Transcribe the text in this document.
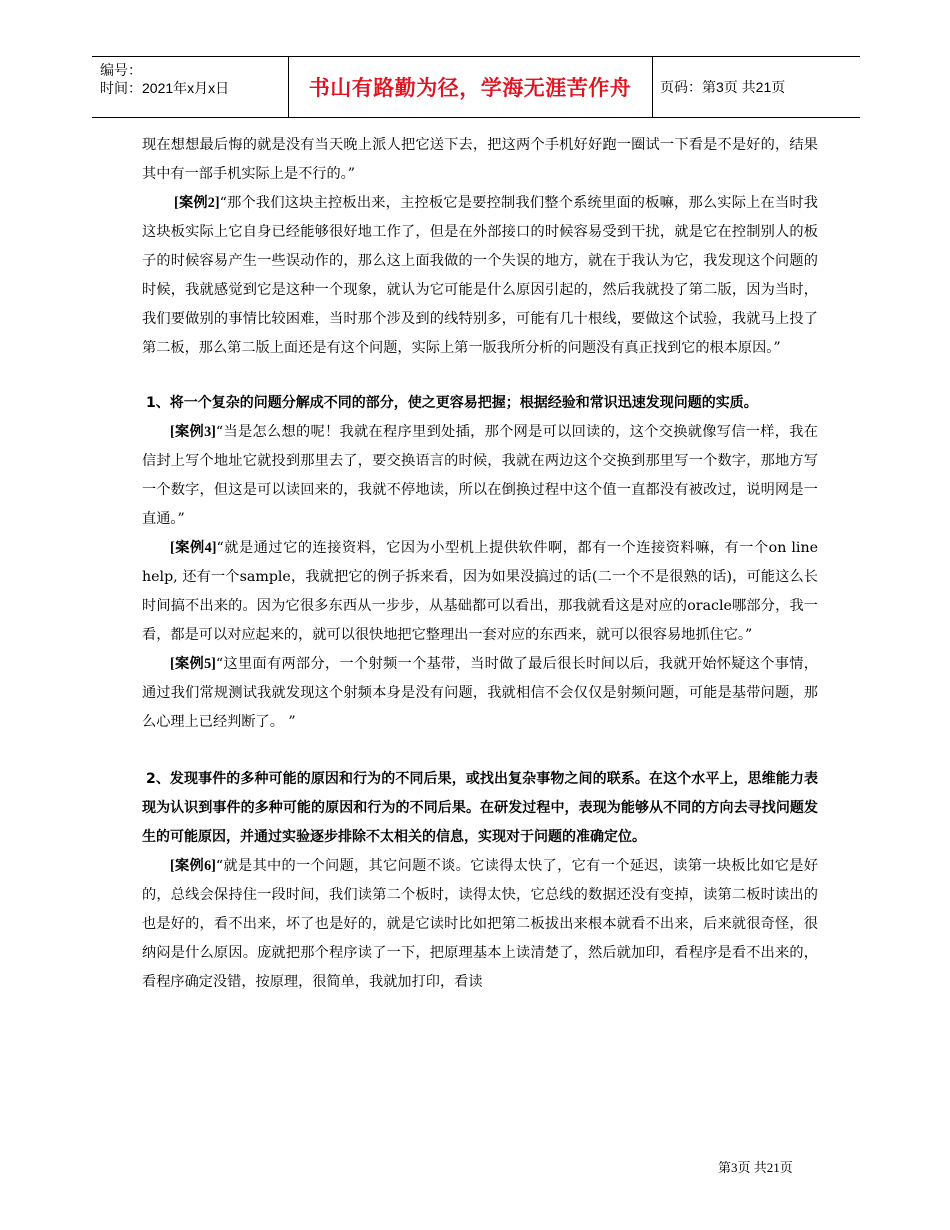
编号：
时间：2021年x月x日	书山有路勤为径，学海无涯苦作舟	页码：第3页 共21页

现在想想最后悔的就是没有当天晚上派人把它送下去，把这两个手机好好跑一圈试一下看是不是好的，结果其中有一部手机实际上是不行的。”

[案例2]“那个我们这块主控板出来，主控板它是要控制我们整个系统里面的板嘛，那么实际上在当时我这块板实际上它自身已经能够很好地工作了，但是在外部接口的时候容易受到干扰，就是它在控制别人的板子的时候容易产生一些误动作的，那么这上面我做的一个失误的地方，就在于我认为它，我发现这个问题的时候，我就感觉到它是这种一个现象，就认为它可能是什么原因引起的，然后我就投了第二版，因为当时，我们要做别的事情比较困难，当时那个涉及到的线特别多，可能有几十根线，要做这个试验，我就马上投了第二板，那么第二版上面还是有这个问题，实际上第一版我所分析的问题没有真正找到它的根本原因。”

1、将一个复杂的问题分解成不同的部分，使之更容易把握；根据经验和常识迅速发现问题的实质。

[案例3]“当是怎么想的呢！我就在程序里到处插，那个网是可以回读的，这个交换就像写信一样，我在信封上写个地址它就投到那里去了，要交换语言的时候，我就在两边这个交换到那里写一个数字，那地方写一个数字，但这是可以读回来的，我就不停地读，所以在倒换过程中这个值一直都没有被改过，说明网是一直通。”

[案例4]“就是通过它的连接资料，它因为小型机上提供软件啊，都有一个连接资料嘛，有一个on line help, 还有一个sample，我就把它的例子拆来看，因为如果没搞过的话(二一个不是很熟的话)，可能这么长时间搞不出来的。因为它很多东西从一步步，从基础都可以看出，那我就看这是对应的oracle哪部分，我一看，都是可以对应起来的，就可以很快地把它整理出一套对应的东西来，就可以很容易地抓住它。”

[案例5]“这里面有两部分，一个射频一个基带，当时做了最后很长时间以后，我就开始怀疑这个事情，通过我们常规测试我就发现这个射频本身是没有问题，我就相信不会仅仅是射频问题，可能是基带问题，那么心理上已经判断了。 ”

2、发现事件的多种可能的原因和行为的不同后果，或找出复杂事物之间的联系。在这个水平上，思维能力表现为认识到事件的多种可能的原因和行为的不同后果。在研发过程中，表现为能够从不同的方向去寻找问题发生的可能原因，并通过实验逐步排除不太相关的信息，实现对于问题的准确定位。

[案例6]“就是其中的一个问题，其它问题不谈。它读得太快了，它有一个延迟，读第一块板比如它是好的，总线会保持住一段时间，我们读第二个板时，读得太快，它总线的数据还没有变掉，读第二板时读出的也是好的，看不出来，坏了也是好的，就是它读时比如把第二板拔出来根本就看不出来，后来就很奇怪，很纳闷是什么原因。庞就把那个程序读了一下，把原理基本上读清楚了，然后就加印，看程序是看不出来的，看程序确定没错，按原理，很简单，我就加打印，看读

第3页 共21页
